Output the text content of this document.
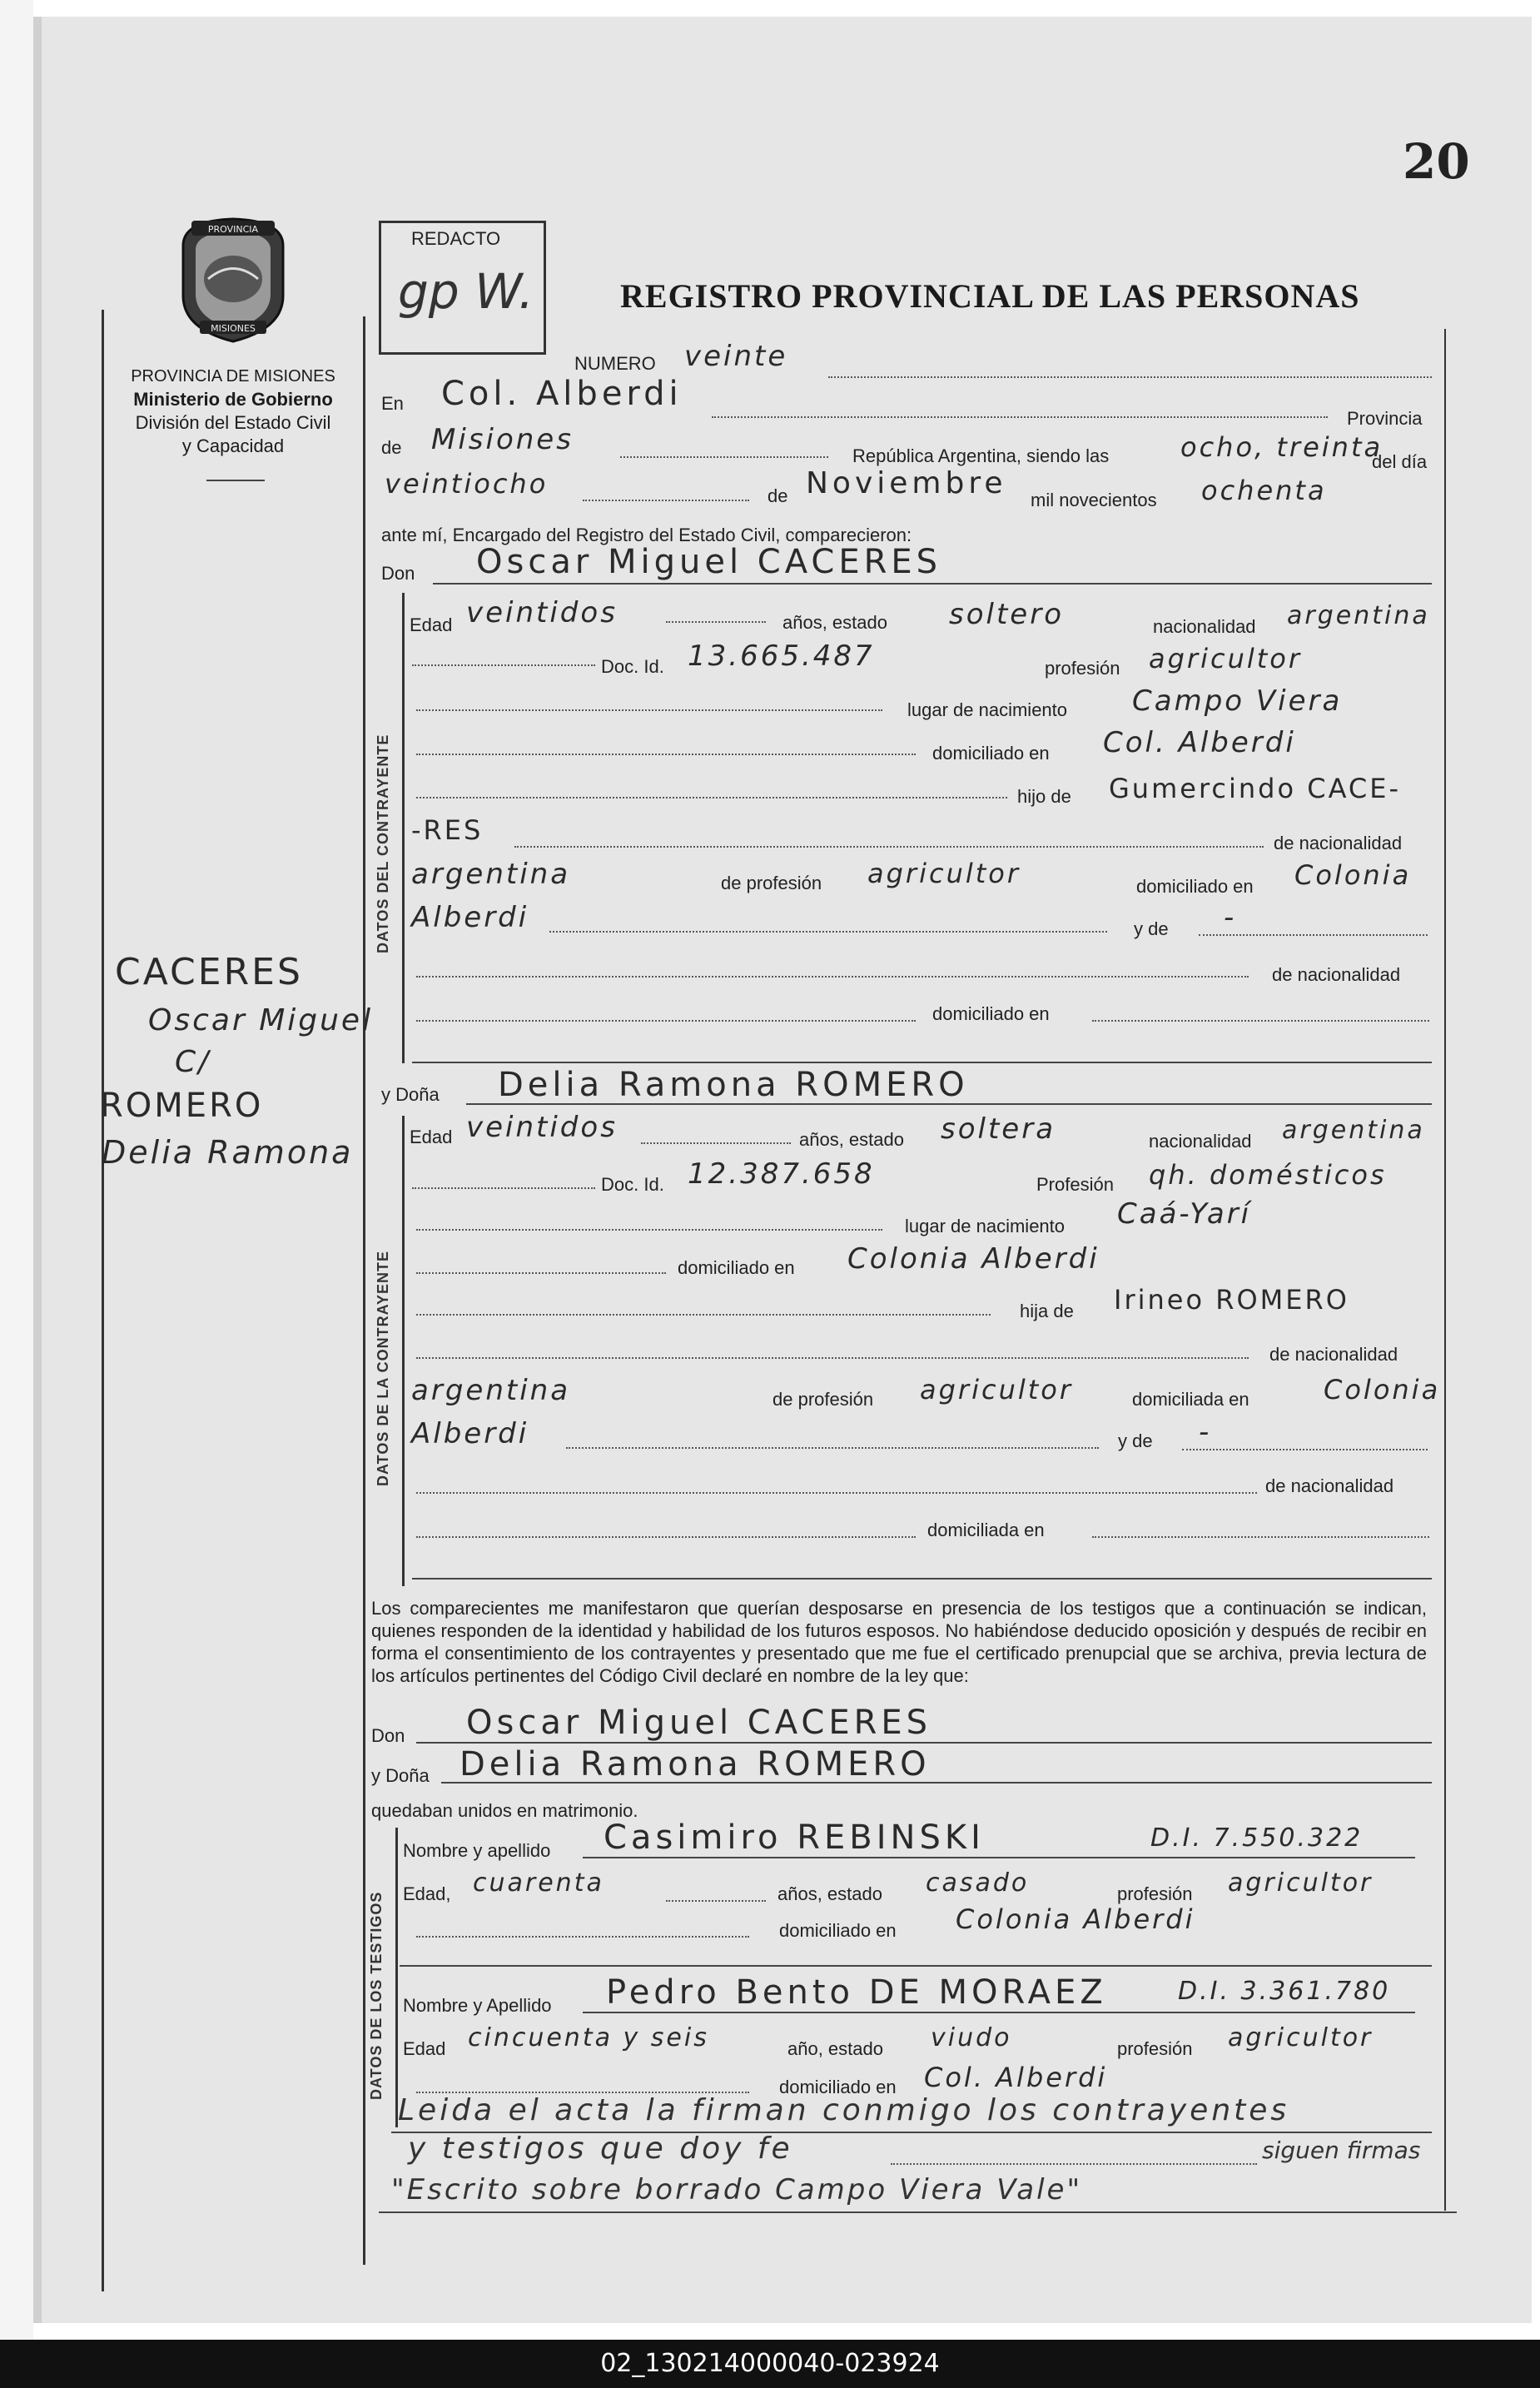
20
REDACTO
gp W.	REGISTRO PROVINCIAL DE LAS PERSONAS
PROVINCIA
MISIONES
PROVINCIA DE MISIONES
Ministerio de Gobierno
División del Estado Civil
y Capacidad
CACERES
Oscar Miguel
C/
ROMERO
Delia Ramona
NUMERO veinte
En Col. Alberdi
Provincia
de Misiones	República Argentina, siendo las	ocho, treinta
del día
veintiocho	de Noviembre mil novecientos ochenta
ante mí, Encargado del Registro del Estado Civil, comparecieron:
Don Oscar Miguel CACERES
DATOS DEL CONTRAYENTE
Edad veintidos	años, estado soltero	nacionalidad argentina
Doc. Id. 13.665.487	profesión agricultor
lugar de nacimiento Campo Viera
domiciliado en Col. Alberdi
hijo de Gumercindo CACE-
-RES	de nacionalidad
argentina	de profesión agricultor	domiciliado en Colonia
Alberdi	y de -
de nacionalidad
domiciliado en
y Doña Delia Ramona ROMERO
DATOS DE LA CONTRAYENTE
Edad veintidos	años, estado soltera	nacionalidad argentina
Doc. Id. 12.387.658	Profesión qh. domésticos
lugar de nacimiento Caá-Yarí
domiciliado en Colonia Alberdi
hija de Irineo ROMERO
de nacionalidad
argentina	de profesión agricultor	domiciliada en	Colonia
Alberdi	y de -
de nacionalidad
domiciliada en
Los comparecientes me manifestaron que querían desposarse en presencia de los testigos que a continuación se indican, quienes responden de la identidad y habilidad de los futuros esposos. No habiéndose deducido oposición y después de recibir en forma el consentimiento de los contrayentes y presentado que me fue el certificado prenupcial que se archiva, previa lectura de los artículos pertinentes del Código Civil declaré en nombre de la ley que:
Don Oscar Miguel CACERES
y Doña Delia Ramona ROMERO
quedaban unidos en matrimonio.
DATOS DE LOS TESTIGOS
Nombre y apellido Casimiro REBINSKI	D.I. 7.550.322
Edad, cuarenta	años, estado casado	profesión agricultor
domiciliado en Colonia Alberdi
Nombre y Apellido Pedro Bento DE MORAEZ	D.I. 3.361.780
Edad cincuenta y seis	año, estado viudo	profesión agricultor
domiciliado en Col. Alberdi
Leida el acta la firman conmigo los contrayentes
y testigos que doy fe	siguen firmas
"Escrito sobre borrado Campo Viera Vale"
02_130214000040-023924
